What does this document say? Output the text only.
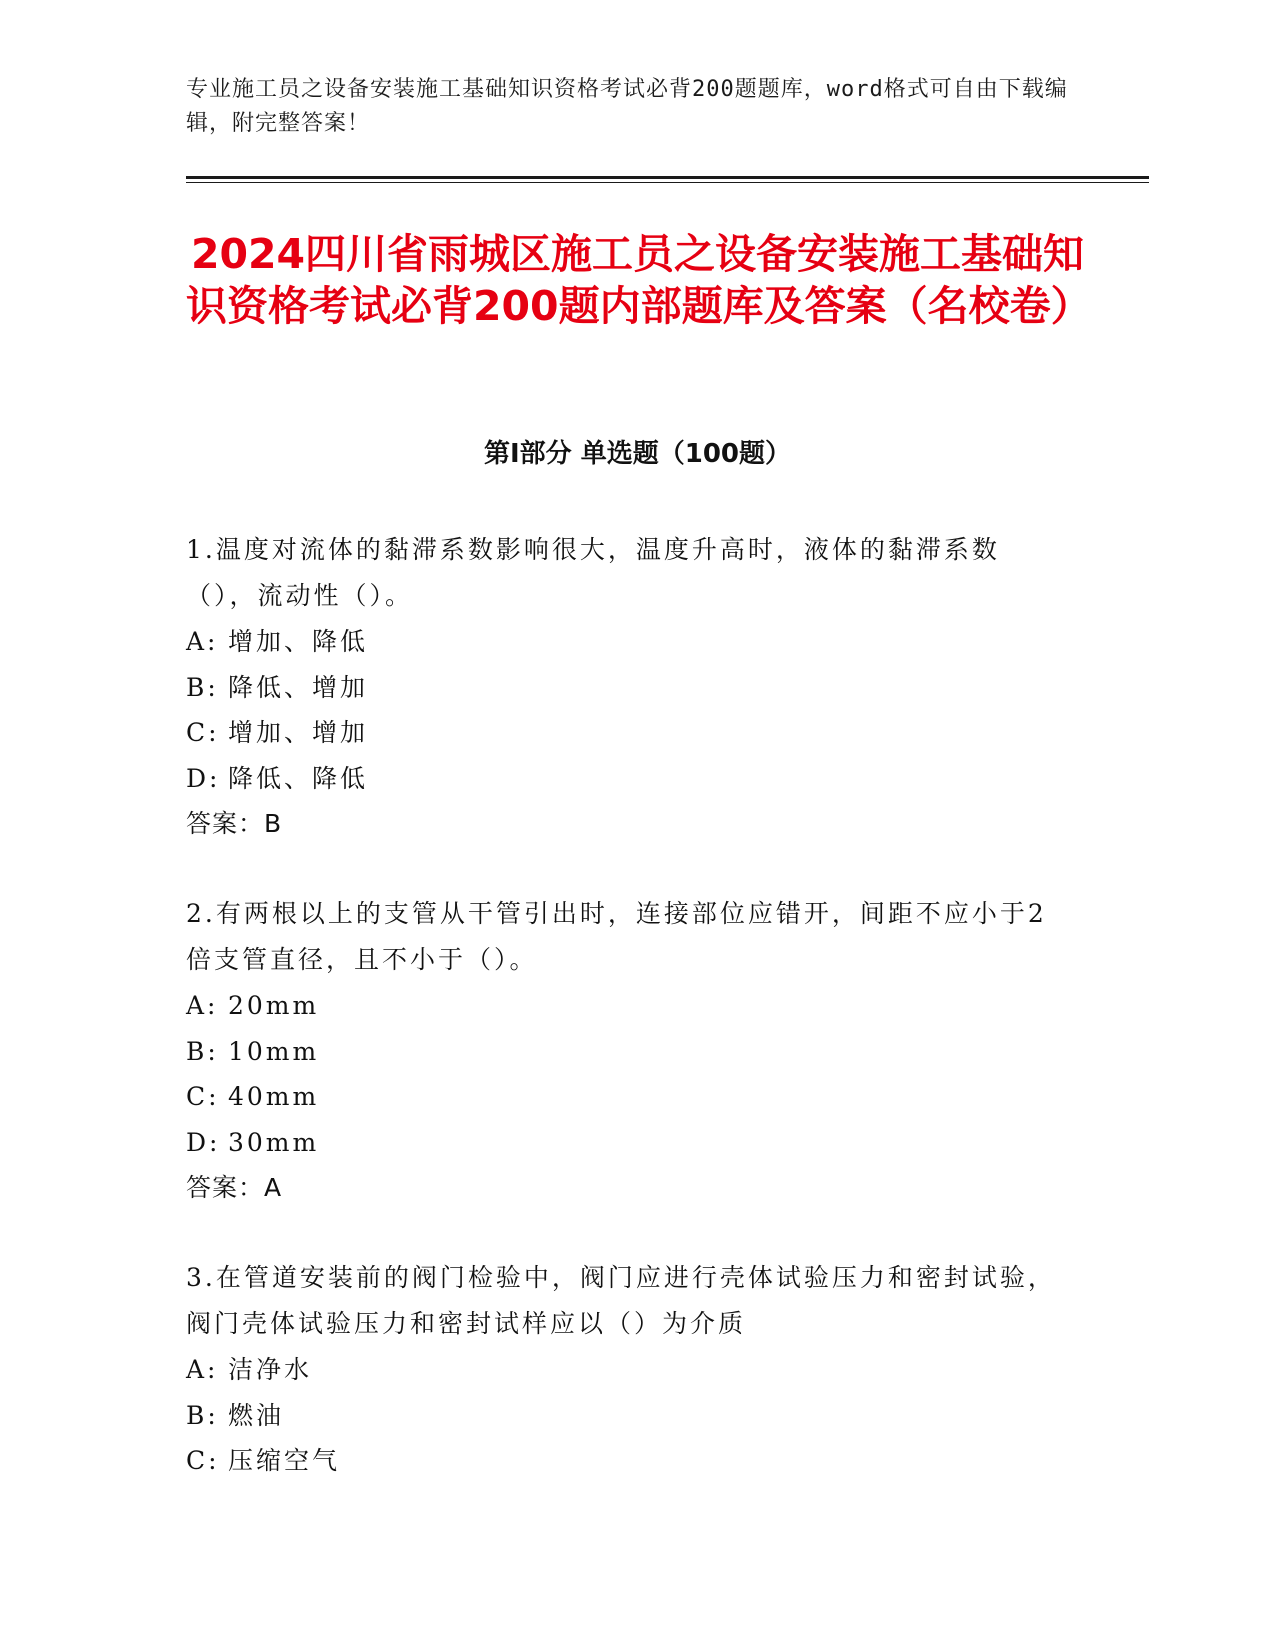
专业施工员之设备安装施工基础知识资格考试必背200题题库，word格式可自由下载编辑，附完整答案！

2024四川省雨城区施工员之设备安装施工基础知识资格考试必背200题内部题库及答案（名校卷）
第I部分 单选题（100题）

1.温度对流体的黏滞系数影响很大，温度升高时，液体的黏滞系数（），流动性（）。

A: 增加、降低
B: 降低、增加
C: 增加、增加
D: 降低、降低

答案：B

2.有两根以上的支管从干管引出时，连接部位应错开，间距不应小于2倍支管直径，且不小于（）。

A: 20mm
B: 10mm
C: 40mm
D: 30mm

答案：A

3.在管道安装前的阀门检验中，阀门应进行壳体试验压力和密封试验，阀门壳体试验压力和密封试样应以（）为介质

A: 洁净水
B: 燃油
C: 压缩空气
